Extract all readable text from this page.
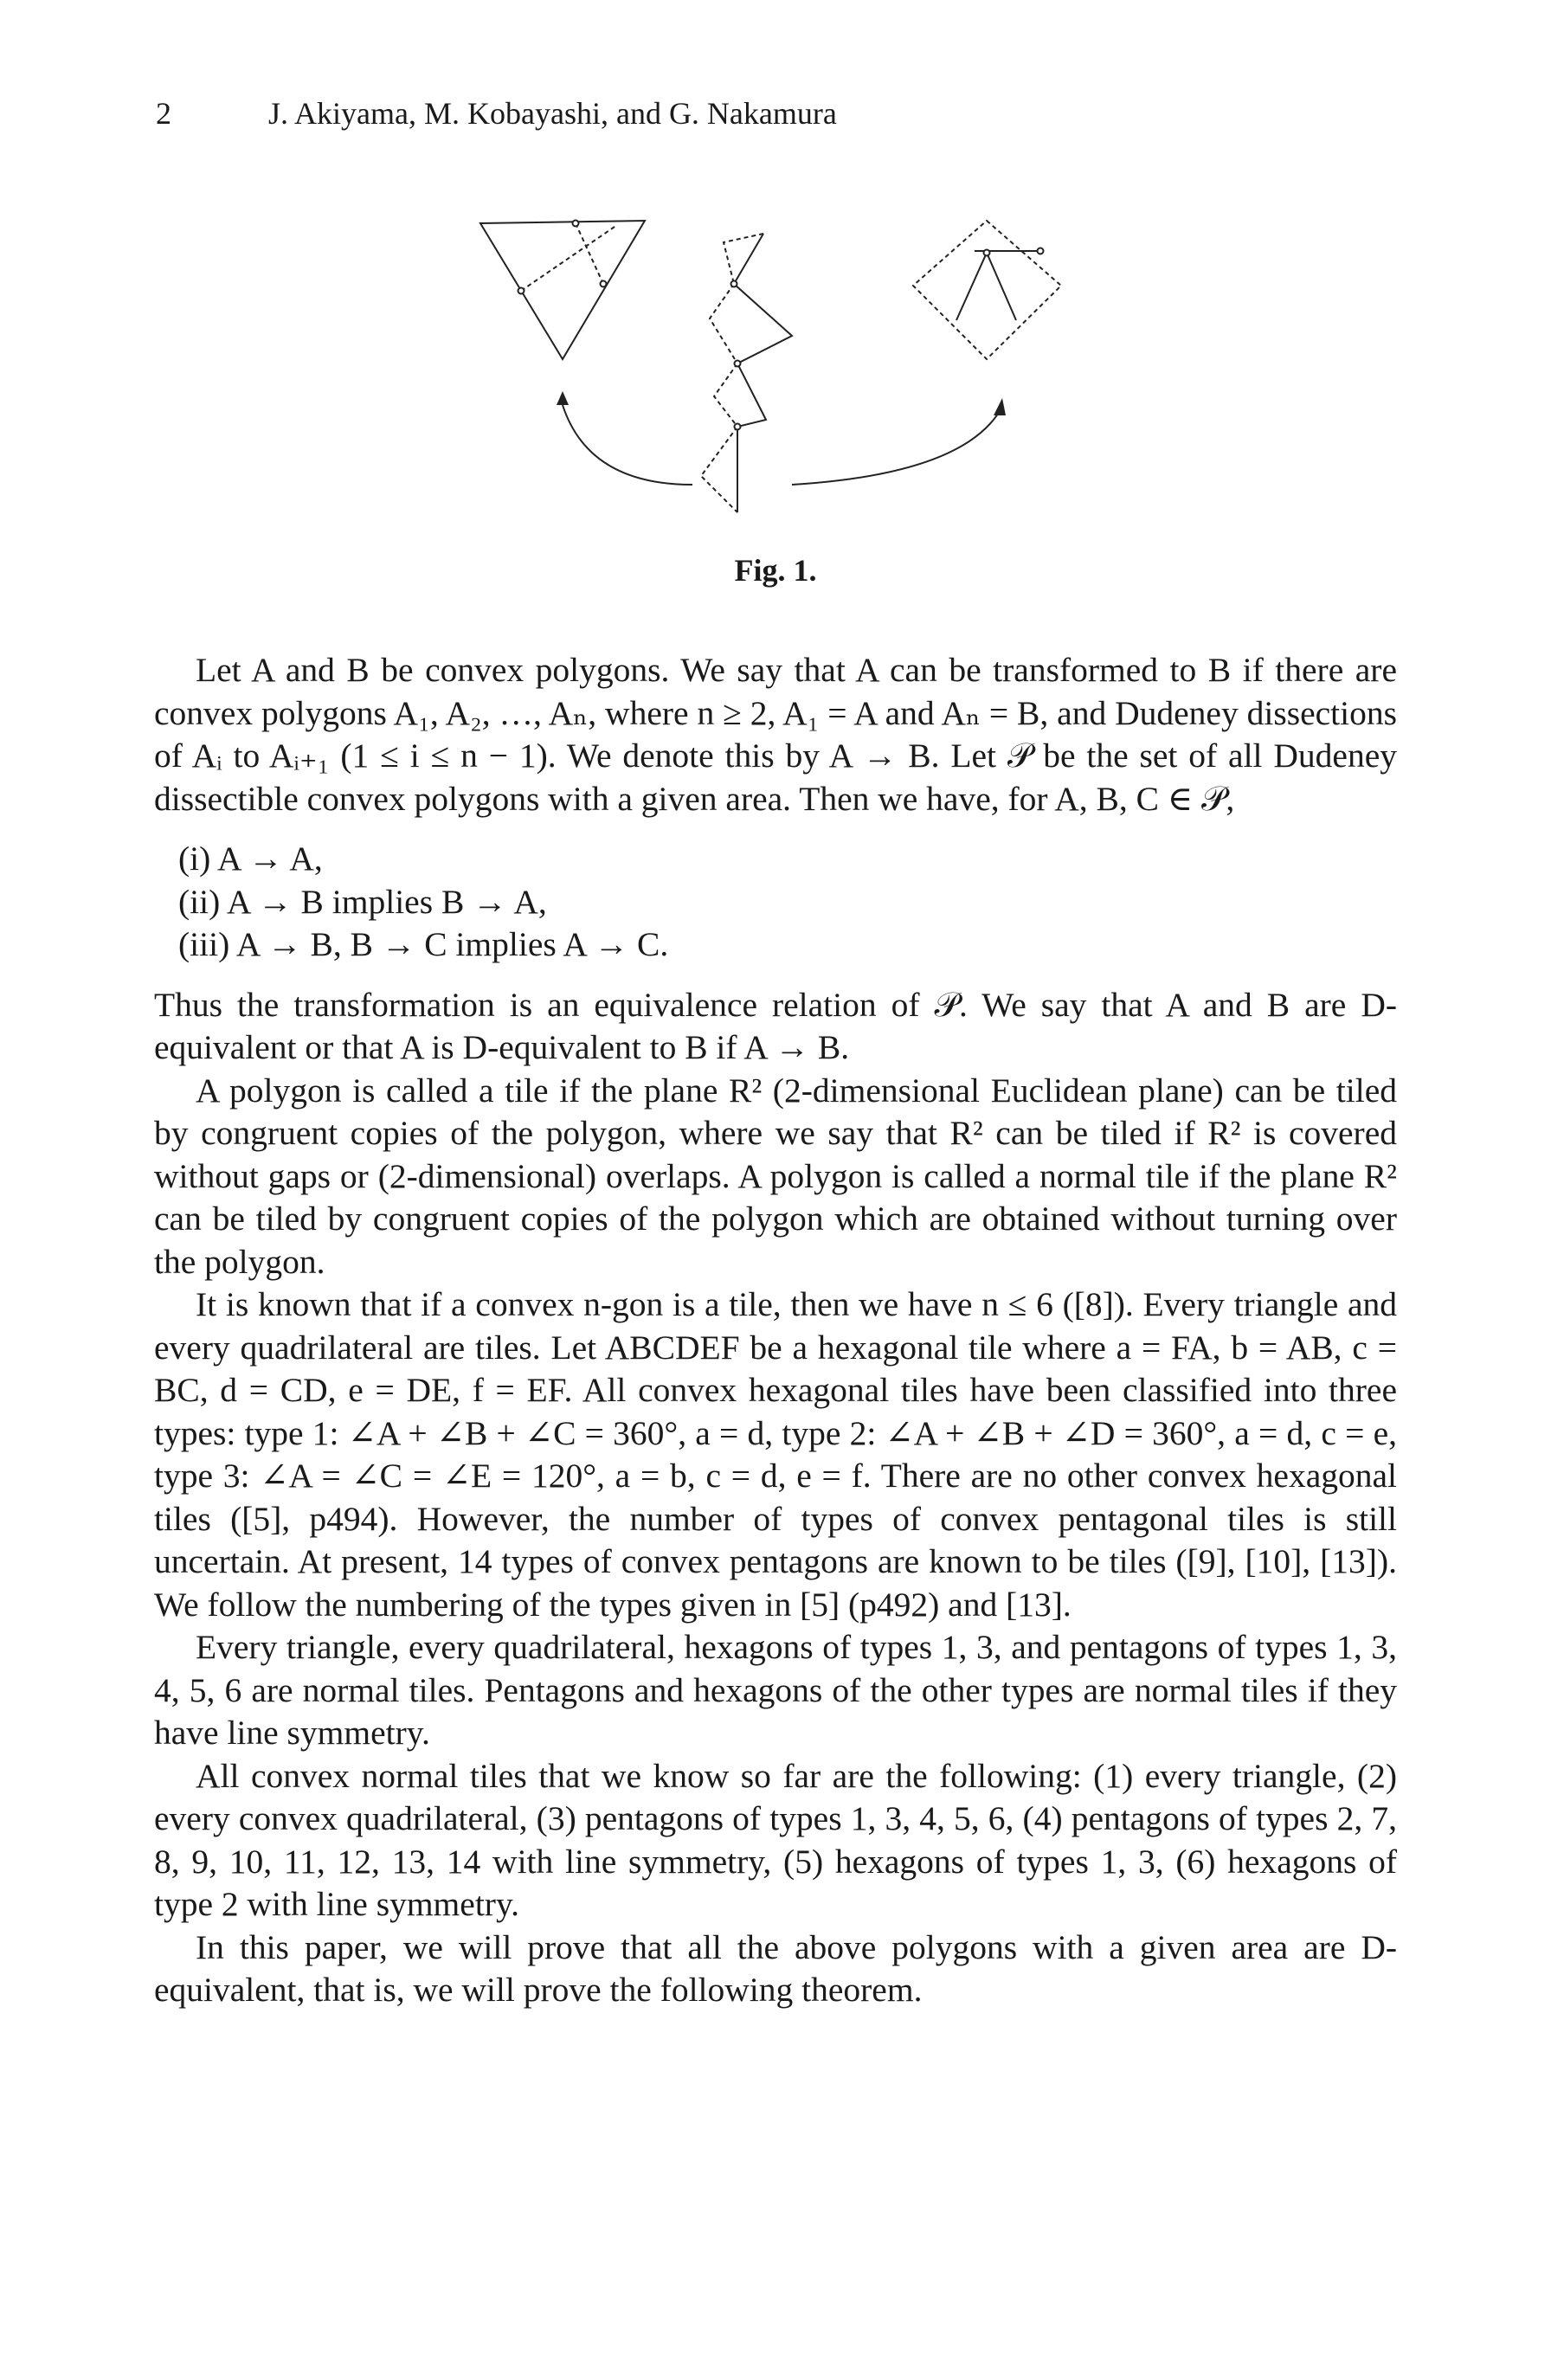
2	J. Akiyama, M. Kobayashi, and G. Nakamura
Fig. 1.

Let A and B be convex polygons. We say that A can be transformed to B if there are convex polygons A₁, A₂, …, Aₙ, where n ≥ 2, A₁ = A and Aₙ = B, and Dudeney dissections of Aᵢ to Aᵢ₊₁ (1 ≤ i ≤ n − 1). We denote this by A → B. Let 𝒫 be the set of all Dudeney dissectible convex polygons with a given area. Then we have, for A, B, C ∈ 𝒫,

(i) A → A,
(ii) A → B implies B → A,
(iii) A → B, B → C implies A → C.

Thus the transformation is an equivalence relation of 𝒫. We say that A and B are D-equivalent or that A is D-equivalent to B if A → B.

A polygon is called a tile if the plane R² (2-dimensional Euclidean plane) can be tiled by congruent copies of the polygon, where we say that R² can be tiled if R² is covered without gaps or (2-dimensional) overlaps. A polygon is called a normal tile if the plane R² can be tiled by congruent copies of the polygon which are obtained without turning over the polygon.

It is known that if a convex n-gon is a tile, then we have n ≤ 6 ([8]). Every triangle and every quadrilateral are tiles. Let ABCDEF be a hexagonal tile where a = FA, b = AB, c = BC, d = CD, e = DE, f = EF. All convex hexagonal tiles have been classified into three types: type 1: ∠A + ∠B + ∠C = 360°, a = d, type 2: ∠A + ∠B + ∠D = 360°, a = d, c = e, type 3: ∠A = ∠C = ∠E = 120°, a = b, c = d, e = f. There are no other convex hexagonal tiles ([5], p494). However, the number of types of convex pentagonal tiles is still uncertain. At present, 14 types of convex pentagons are known to be tiles ([9], [10], [13]). We follow the numbering of the types given in [5] (p492) and [13].

Every triangle, every quadrilateral, hexagons of types 1, 3, and pentagons of types 1, 3, 4, 5, 6 are normal tiles. Pentagons and hexagons of the other types are normal tiles if they have line symmetry.

All convex normal tiles that we know so far are the following: (1) every triangle, (2) every convex quadrilateral, (3) pentagons of types 1, 3, 4, 5, 6, (4) pentagons of types 2, 7, 8, 9, 10, 11, 12, 13, 14 with line symmetry, (5) hexagons of types 1, 3, (6) hexagons of type 2 with line symmetry.

In this paper, we will prove that all the above polygons with a given area are D-equivalent, that is, we will prove the following theorem.
